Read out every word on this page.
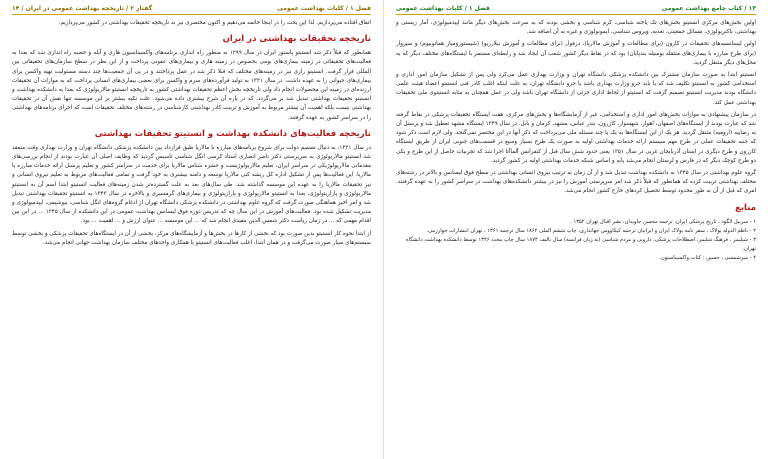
۱۳ / کتاب جامع بهداشت عمومی
فصل ۱ / کلیات بهداشت عمومی

اولین بخش‌های مرکزی انستیتو بخش‌های تک یاخته شناسی، کرم شناسی و بخشی بودند که به سرعت بخش‌های دیگر مانند اپیدمیولوژی، آمار زیستی و بهداشتی، باکتریولوژی، مسائل جمعیتی، تغذیه، ویروس شناسی، ایمونولوژی و غیره به آن اضافه شد.

اولین لیسانسیه‌های تحقیقات در کارون (برای مطالعات و آموزش مالاریا)، دزفول (برای مطالعات و آموزش بیلارزیو) (شیستوزومیاز هماتوبیوم) و سیروار (برای طرح مبارزه با بیماری‌های منتقله بوسیله بندپایان) بود که در نقاط دیگر کشور شعب آن ایجاد شد و رابطه‌ای مستمر با ایستگاه‌های مختلف دیگر که به محل‌های دیگر منتقل گردید.

انستیتو ابتدا به صورت سازمان مشترک بین دانشکده پزشکی دانشگاه تهران و وزارت بهداری عمل می‌کرد ولی پس از تشکیل سازمان امور اداری و استخدامی کشور به انستیتو تکلیف شد که یا باید جزو وزارت بهداری باشد یا جزو دانشگاه تهران، به علت اینکه اغلب کادر فنی انستیتو اعضاء هیئت علمی دانشگاه بودند مدیریت انستیتو تصمیم گرفت که انستیتو از لحاظ اداری جزئی از دانشگاه تهران باشد ولی در عمل همچنان به مثابه انستیتوی ملی تحقیقات بهداشتی عمل کند.

در سازمان پیشنهادی به موازات بخش‌های امور اداری و استخدامی، غیر از آزمایشگاه‌ها و بخش‌های مرکزی، هفت ایستگاه تحقیقات پزشکی در نقاط گرفته شد که عبارت بودند از ایستگاه‌های اصفهان، اهواز، شهسوار، کازرون، بندر عباس، مشهد، کرمان و بابل. در سال ۱۳۴۹ ایستگاه مشهد تعطیل شد و پرسنل آن به رضاییه (ارومیه) منتقل گردید. هر یک از این ایستگاه‌ها به یک یا چند مسئله ملی می‌پرداخت که ذکر آنها در این مختصر نمی‌گنجد. ولی لازم است ذکر شود که جنبه تحقیقات عملی در طرح مهم سیستم ارائه خدمات بهداشتی اولیه به صورت یک طرح بسیار وسیع در قسمت‌های جنوبی ایران از طریق ایستگاه کازرون و طرح دیگری در استان آذربایجان غربی در سال ۱۳۵۱ یعنی حدود شش سال قبل از کنفرانس آلماآتا اجرا شد که تجربیات حاصل از این طرح و یکی دو طرح کوچک دیگر که در فارس و لرستان انجام می‌شد پایه و اساس شبکه خدمات بهداشتی اولیه در کشور گردید.

گروه علوم بهداشتی در سال ۱۳۴۵ به دانشکده بهداشت تبدیل شد و از آن زمان به ترتیب نیروی انسانی بهداشتی در سطح فوق لیسانس و بالاتر در رشته‌های مختلف بهداشتی تربیت کرده که همانطور که قبلاً ذکر شد امر سرپرستی آموزش را نیز در بیشتر دانشکده‌های بهداشت در سراسر کشور را به عهده گرفتند. امری که قبل از آن به طور محدود توسط تحصیل کردهای خارج کشور انجام می‌شد.

منابع
۱ - سربیل الگود ، تاریخ پزشکی ایران، ترجمه محسن جاویدان، نشر اقبال تهران ۱۳۵۲ .
۲ - ناظم الدوله بولاک ، سفر نامه بولاک ایران و ایرانیان ترجمه کیکاووس جهانداری، چاپ ششم الملی ۱۸۶۲ سال ترجمه ۱۳۶۱ ، تهران انتشارات خوارزمی.
۳ - شیلیمر ، فرهنگ شلیمر: اصطلاحات پزشکی، دارویی و مردم شناسی (به زبان فرانسه) سال تالیف ۱۸۷۴ سال چاپ مجدد ۱۳۴۶ توسط دانشکده بهداشت دانشگاه تهران.
۴ - میرشمسی ، حسین : کتاب واکسیناسیون.
فصل ۱ / کلیات بهداشت عمومی
گفتار ۲ / تاریخچه بهداشت عمومی در ایران / ۱۴

اتفاق افتاده می‌پردازیم. لذا این بحث را در اینجا خاتمه می‌دهیم و اکنون مختصری نیز به تاریخچه تحقیقات بهداشتی در کشور می‌پردازیم.

تاریخچه تحقیقات بهداشتی در ایران

همانطور که قبلاً ذکر شد انستیتو پاستور ایران در سال ۱۲۹۹ به منظور راه اندازی برنامه‌های واکسیناسیون هاری و آبله و حصبه راه اندازی شد که بعدا به فعالیت‌های تحقیقاتی در زمینه بیماری‌های بومی بخصوص در زمینه هاری و بیماری‌های عفونی پرداخت و از این نظر در سطح سازمان‌های تحقیقاتی بین المللی قرار گرفت. انستیتو رازی نیز در زمینه‌های مختلف که قبلا ذکر شد در عمل پرداختند و در پی آن جمعیت‌ها چند دسته مسئولیت تهیه واکسن برای بیماری‌های حیوانی را به عهده داشت. در سال ۱۳۳۱ به تولید فرآورده‌های سرم و واکسن برای بعضی بیماری‌های انسانی پرداخت که به موازات آن تحقیقات ارزنده‌ای در زمینه این محصولات انجام داد ولی تاریخچه بخش اعظم تحقیقات بهداشتی کشور به تاریخچه انستیتو مالاریولوژی که بعدا به دانشکده بهداشت و انستیتو تحقیقات بهداشتی تبدیل شد بر می‌گردد، که در پاره آن شرح بیشتری داده می‌شود. علت تکیه بیشتر بر این موسسه تنها نقش آن در تحقیقات بهداشتی نیست بلکه اهمیت آن بیشتر مربوط به آموزش و تربیت کادر بهداشتی کارشناسی در رشته‌های مختلف تحقیقات است که اجرای برنامه‌های بهداشتی را در سراسر کشور به عهده گرفتند.

تاریخچه فعالیت‌های دانشکده بهداشت و انستیتو تحقیقات بهداشتی

در سال ۱۳۲۱، به دنبال تصمیم دولت برای شروع برنامه‌های مبارزه با مالاریا طبق قرارداد بین دانشکده پزشکی دانشگاه تهران و وزارت بهداری وقت منعقد شد انستیتو مالاریولوژی به سرپرستی دکتر ناصر انصاری استاد کرسی انگل شناسی تاسیس گردید که وظایف اصلی آن عبارت بودند از انجام بررسی‌های مقدماتی مالاریولوژیکی در سراسر ایران، تعلیم مالاریولوژیست و حشره شناس مالاریا برای خدمت در سراسر کشور و تعلیم پرسنل ارائه خدمات مبارزه با مالاریا. این فعالیت‌ها پس از تشکیل اداره کل ریشه کنی مالاریا توسعه و دامنه بیشتری به خود گرفت و تمامی فعالیت‌های مربوط به تعلیم نیروی انسانی و نیز تحقیقات مالاریا را به عهده این موسسه گذاشته شد. طی سال‌های بعد به علت گسترده‌تر شدن زمینه‌های فعالیت انستیتو ابتدا اسم آن به انستیتو مالاریولوژی و پارازیتولوژی، بعدا به انستیتو مالاریولوژی و پارازیتولوژی و بیماری‌های گرمسیری و بالاخره در سال ۱۳۴۳ به انستیتو تحقیقات بهداشتی تبدیل شد و امر اخیر هماهنگی صورت گرفت که گروه علوم بهداشتی در دانشکده پزشکی دانشگاه تهران از ادغام گروه‌های انگل شناسی، بیوشیمی، اپیدمیولوژی و مدیریت تشکیل شده بود. فعالیت‌های آموزش در این سال چه که تدریس دوره فوق لیسانس بهداشت عمومی در این دانشکده از سال ۱۳۴۵ ... در این بین اقدام مهمی که ... در زمان ریاست دکتر شمس الدین مفیدی انجام شد که ... این موسسه ... عنوان ارزش و ... اهمیت ... بود.

از ابتدا نحوه کار انستیتو بدین صورت بود که بخشی از کارها در بخش‌ها و آزمایشگاه‌های مرکز، بخشی از آن در ایستگاه‌های تحقیقات پزشکی و بخشی توسط سیستم‌های سیار صورت می‌گرفت و در همان ابتدا، اغلب فعالیت‌های انستیتو با همکاری واحدهای مختلف سازمان بهداشت جهانی انجام می‌شد.
